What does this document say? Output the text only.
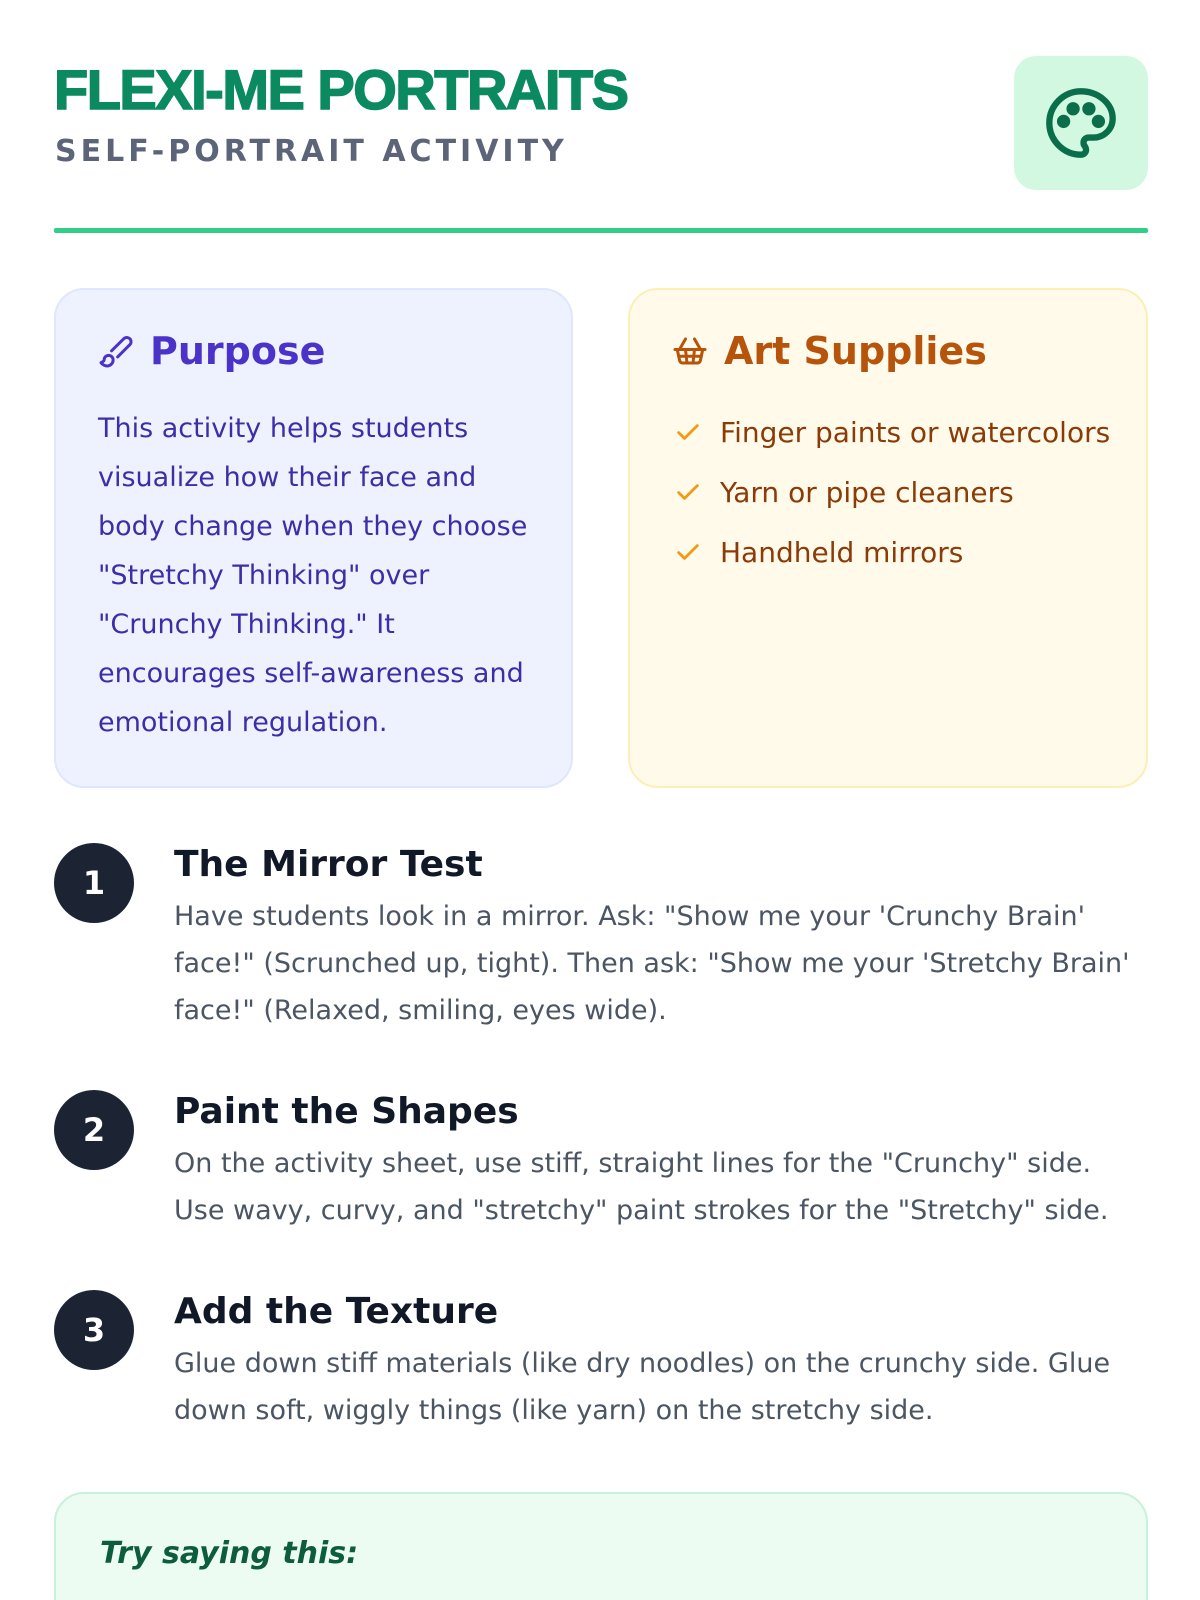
FLEXI-ME PORTRAITS
SELF-PORTRAIT ACTIVITY
Purpose

This activity helps students visualize how their face and body change when they choose "Stretchy Thinking" over "Crunchy Thinking." It encourages self-awareness and emotional regulation.

Art Supplies
Finger paints or watercolors
Yarn or pipe cleaners
Handheld mirrors
1	The Mirror Test

Have students look in a mirror. Ask: "Show me your 'Crunchy Brain' face!" (Scrunched up, tight). Then ask: "Show me your 'Stretchy Brain' face!" (Relaxed, smiling, eyes wide).

2	Paint the Shapes

On the activity sheet, use stiff, straight lines for the "Crunchy" side. Use wavy, curvy, and "stretchy" paint strokes for the "Stretchy" side.

3	Add the Texture

Glue down stiff materials (like dry noodles) on the crunchy side. Glue down soft, wiggly things (like yarn) on the stretchy side.

Try saying this:
